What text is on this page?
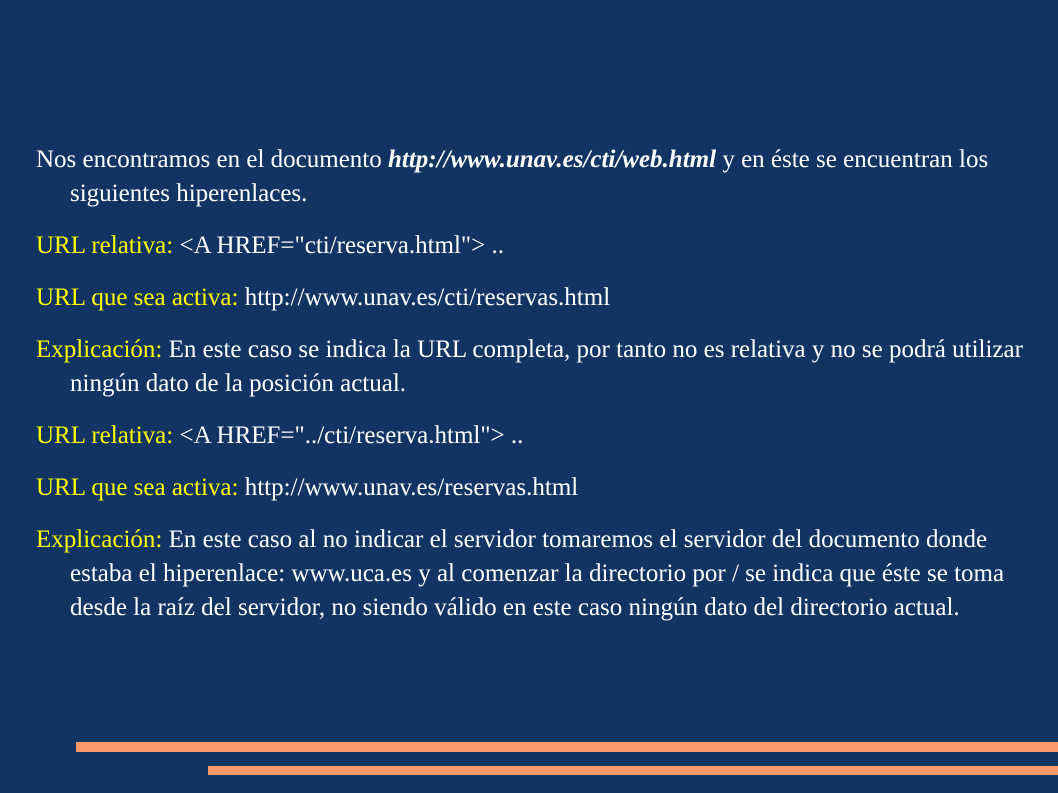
Nos encontramos en el documento http://www.unav.es/cti/web.html y en éste se encuentran los siguientes hiperenlaces.

URL relativa: <A HREF="cti/reserva.html"> ..

URL que sea activa: http://www.unav.es/cti/reservas.html

Explicación: En este caso se indica la URL completa, por tanto no es relativa y no se podrá utilizar ningún dato de la posición actual.

URL relativa: <A HREF="../cti/reserva.html"> ..

URL que sea activa: http://www.unav.es/reservas.html

Explicación: En este caso al no indicar el servidor tomaremos el servidor del documento donde estaba el hiperenlace: www.uca.es y al comenzar la directorio por / se indica que éste se toma desde la raíz del servidor, no siendo válido en este caso ningún dato del directorio actual.
